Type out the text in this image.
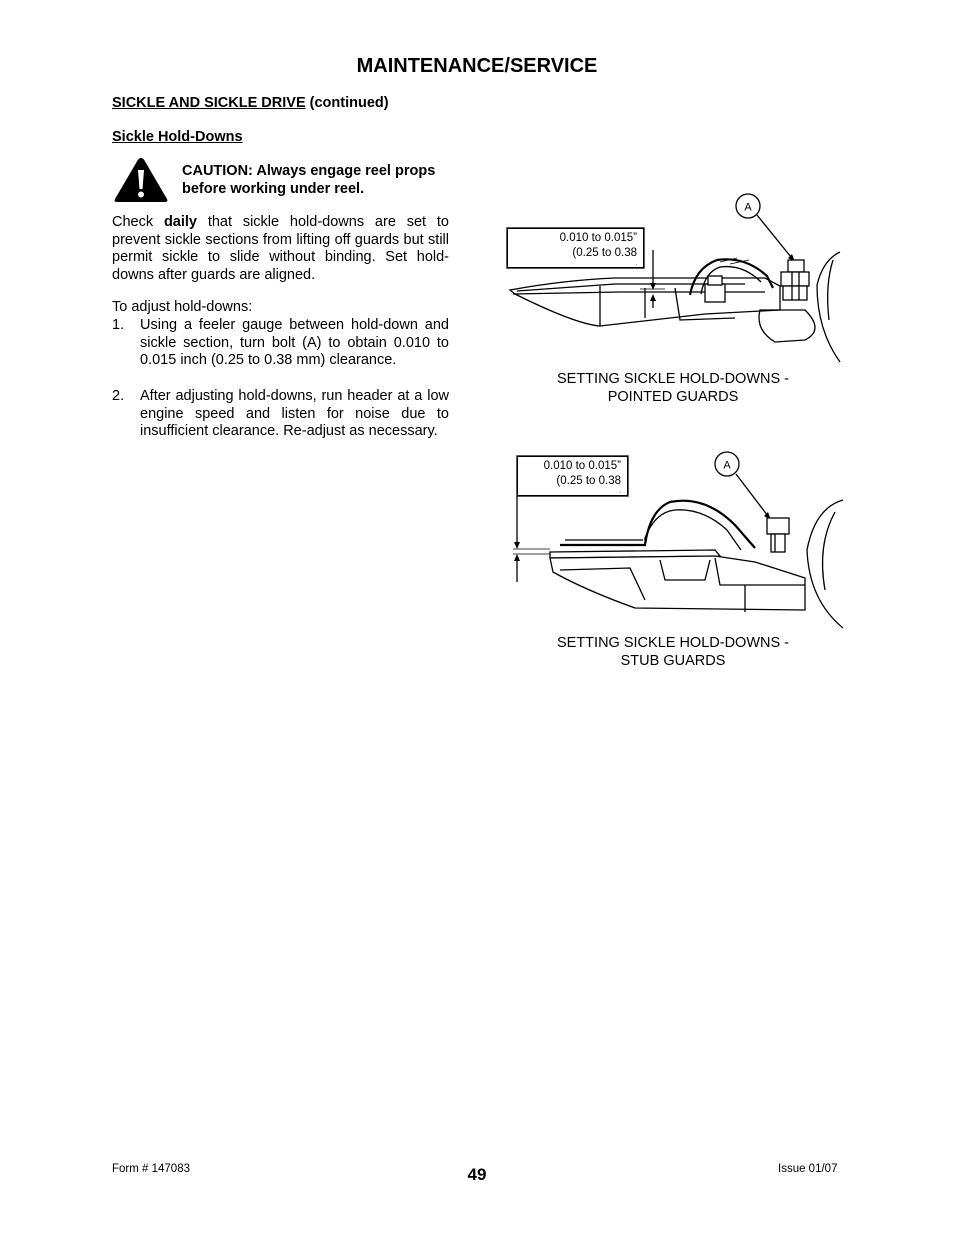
MAINTENANCE/SERVICE
SICKLE AND SICKLE DRIVE (continued)
Sickle Hold-Downs
CAUTION: Always engage reel props before working under reel.
Check daily that sickle hold-downs are set to prevent sickle sections from lifting off guards but still permit sickle to slide without binding. Set hold-downs after guards are aligned.
To adjust hold-downs:
1. Using a feeler gauge between hold-down and sickle section, turn bolt (A) to obtain 0.010 to 0.015 inch (0.25 to 0.38 mm) clearance.
2. After adjusting hold-downs, run header at a low engine speed and listen for noise due to insufficient clearance. Re-adjust as necessary.
A
0.010 to 0.015”
(0.25 to 0.38
.
SETTING SICKLE HOLD-DOWNS -
POINTED GUARDS
A
0.010 to 0.015”
(0.25 to 0.38
.
SETTING SICKLE HOLD-DOWNS -
STUB GUARDS
Form # 147083	49	Issue 01/07
